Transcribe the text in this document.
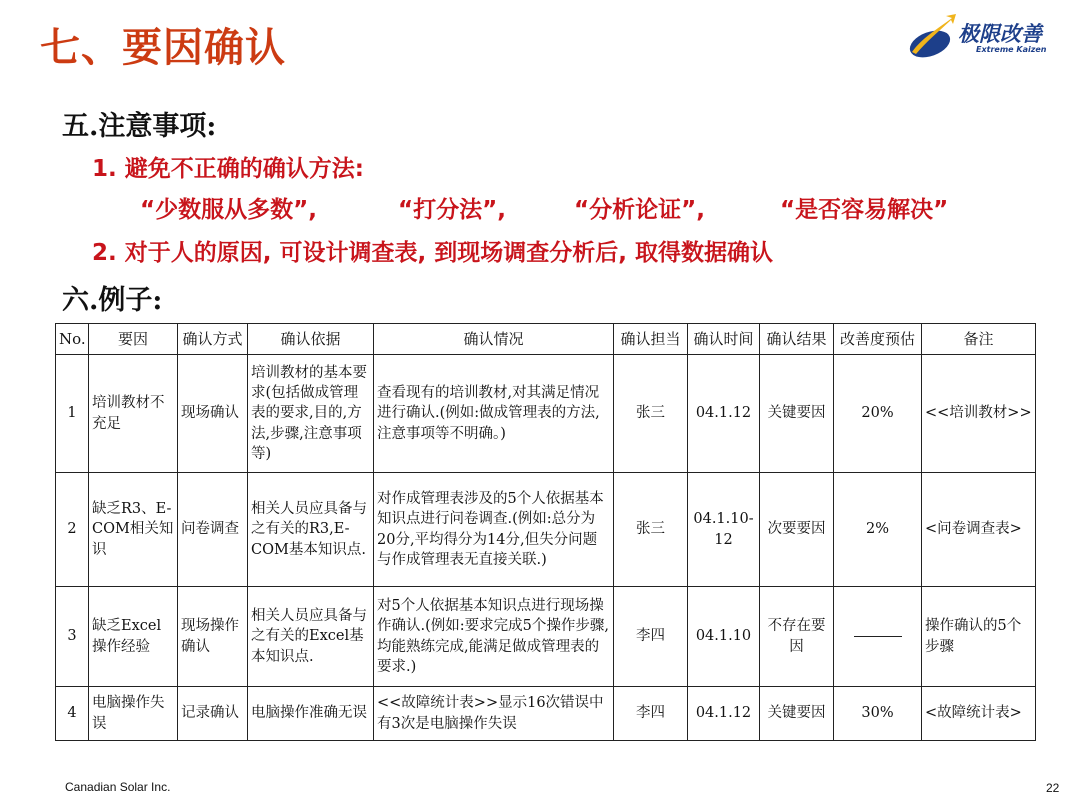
七、要因确认	极限改善
Extreme Kaizen
五.注意事项:
1. 避免不正确的确认方法:
“少数服从多数”,	“打分法”,	“分析论证”,	“是否容易解决”
2. 对于人的原因, 可设计调查表, 到现场调查分析后, 取得数据确认
六.例子:
No.	要因	确认方式	确认依据	确认情况	确认担当	确认时间	确认结果	改善度预估	备注
1	培训教材不充足	现场确认	培训教材的基本要求(包括做成管理表的要求,目的,方法,步骤,注意事项等)	查看现有的培训教材,对其满足情况进行确认.(例如:做成管理表的方法,注意事项等不明确。)	张三	04.1.12	关键要因	20%	<<培训教材>>
2	缺乏R3、E-COM相关知识	问卷调查	相关人员应具备与之有关的R3,E-COM基本知识点.	对作成管理表涉及的5个人依据基本知识点进行问卷调查.(例如:总分为20分,平均得分为14分,但失分问题与作成管理表无直接关联.)	张三	04.1.10-12	次要要因	2%	<问卷调查表>
3	缺乏Excel操作经验	现场操作确认	相关人员应具备与之有关的Excel基本知识点.	对5个人依据基本知识点进行现场操作确认.(例如:要求完成5个操作步骤,均能熟练完成,能满足做成管理表的要求.)	李四	04.1.10	不存在要因		操作确认的5个步骤
4	电脑操作失误	记录确认	电脑操作准确无误	<<故障统计表>>显示16次错误中有3次是电脑操作失误	李四	04.1.12	关键要因	30%	<故障统计表>
Canadian Solar Inc.	22
